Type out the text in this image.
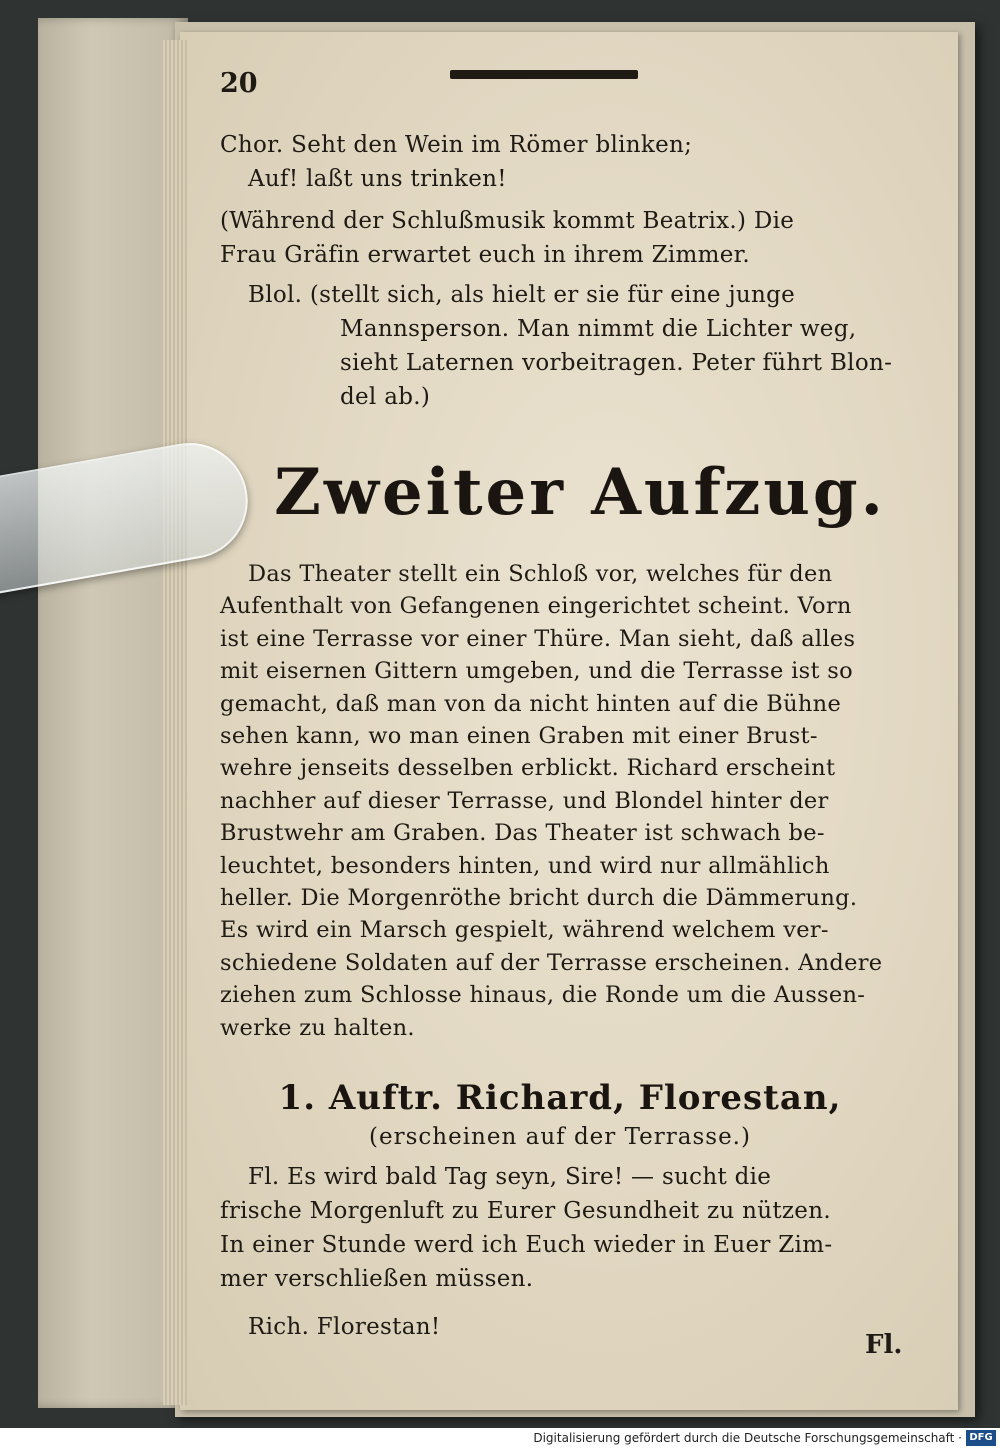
20

Chor. Seht den Wein im Römer blinken;

Auf! laßt uns trinken!

(Während der Schlußmusik kommt Beatrix.) Die

Frau Gräfin erwartet euch in ihrem Zimmer.

Blol. (stellt sich, als hielt er sie für eine junge

Mannsperson. Man nimmt die Lichter weg,

sieht Laternen vorbeitragen. Peter führt Blon-

del ab.)

Zweiter Aufzug.

Das Theater stellt ein Schloß vor, welches für den

Aufenthalt von Gefangenen eingerichtet scheint. Vorn

ist eine Terrasse vor einer Thüre. Man sieht, daß alles

mit eisernen Gittern umgeben, und die Terrasse ist so

gemacht, daß man von da nicht hinten auf die Bühne

sehen kann, wo man einen Graben mit einer Brust-

wehre jenseits desselben erblickt. Richard erscheint

nachher auf dieser Terrasse, und Blondel hinter der

Brustwehr am Graben. Das Theater ist schwach be-

leuchtet, besonders hinten, und wird nur allmählich

heller. Die Morgenröthe bricht durch die Dämmerung.

Es wird ein Marsch gespielt, während welchem ver-

schiedene Soldaten auf der Terrasse erscheinen. Andere

ziehen zum Schlosse hinaus, die Ronde um die Aussen-

werke zu halten.

1. Auftr. Richard, Florestan,
(erscheinen auf der Terrasse.)

Fl. Es wird bald Tag seyn, Sire! — sucht die

frische Morgenluft zu Eurer Gesundheit zu nützen.

In einer Stunde werd ich Euch wieder in Euer Zim-

mer verschließen müssen.

Rich. Florestan!

Fl.
Digitalisierung gefördert durch die Deutsche Forschungsgemeinschaft · DFG
